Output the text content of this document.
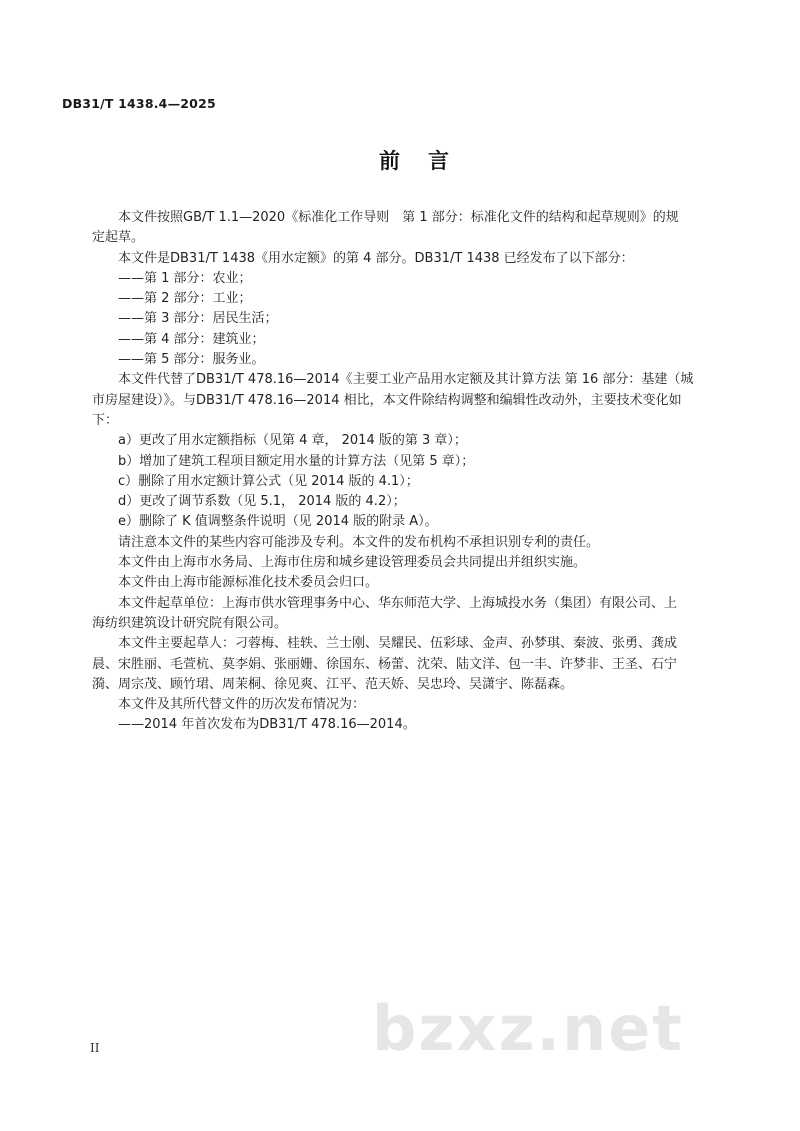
DB31/T 1438.4—2025
前言
本文件按照GB/T 1.1—2020《标准化工作导则　第 1 部分：标准化文件的结构和起草规则》的规
定起草。
本文件是DB31/T 1438《用水定额》的第 4 部分。DB31/T 1438 已经发布了以下部分：
——第 1 部分：农业；
——第 2 部分：工业；
——第 3 部分：居民生活；
——第 4 部分：建筑业；
——第 5 部分：服务业。
本文件代替了DB31/T 478.16—2014《主要工业产品用水定额及其计算方法 第 16 部分：基建（城
市房屋建设）》。与DB31/T 478.16—2014 相比，本文件除结构调整和编辑性改动外，主要技术变化如
下：
a）更改了用水定额指标（见第 4 章， 2014 版的第 3 章）；
b）增加了建筑工程项目额定用水量的计算方法（见第 5 章）；
c）删除了用水定额计算公式（见 2014 版的 4.1）；
d）更改了调节系数（见 5.1， 2014 版的 4.2）；
e）删除了 K 值调整条件说明（见 2014 版的附录 A）。
请注意本文件的某些内容可能涉及专利。本文件的发布机构不承担识别专利的责任。
本文件由上海市水务局、上海市住房和城乡建设管理委员会共同提出并组织实施。
本文件由上海市能源标准化技术委员会归口。
本文件起草单位：上海市供水管理事务中心、华东师范大学、上海城投水务（集团）有限公司、上
海纺织建筑设计研究院有限公司。
本文件主要起草人：刁蓉梅、桂轶、兰士刚、吴耀民、伍彩球、金声、孙梦琪、秦波、张勇、龚成
晨、宋胜丽、毛萱杭、莫李娟、张丽姗、徐国东、杨蕾、沈荣、陆文洋、包一丰、许梦非、王圣、石宁
漪、周宗茂、顾竹珺、周茉桐、徐见爽、江平、范天娇、吴忠玲、吴潇宇、陈磊森。
本文件及其所代替文件的历次发布情况为：
——2014 年首次发布为DB31/T 478.16—2014。
bzxz.net
II
